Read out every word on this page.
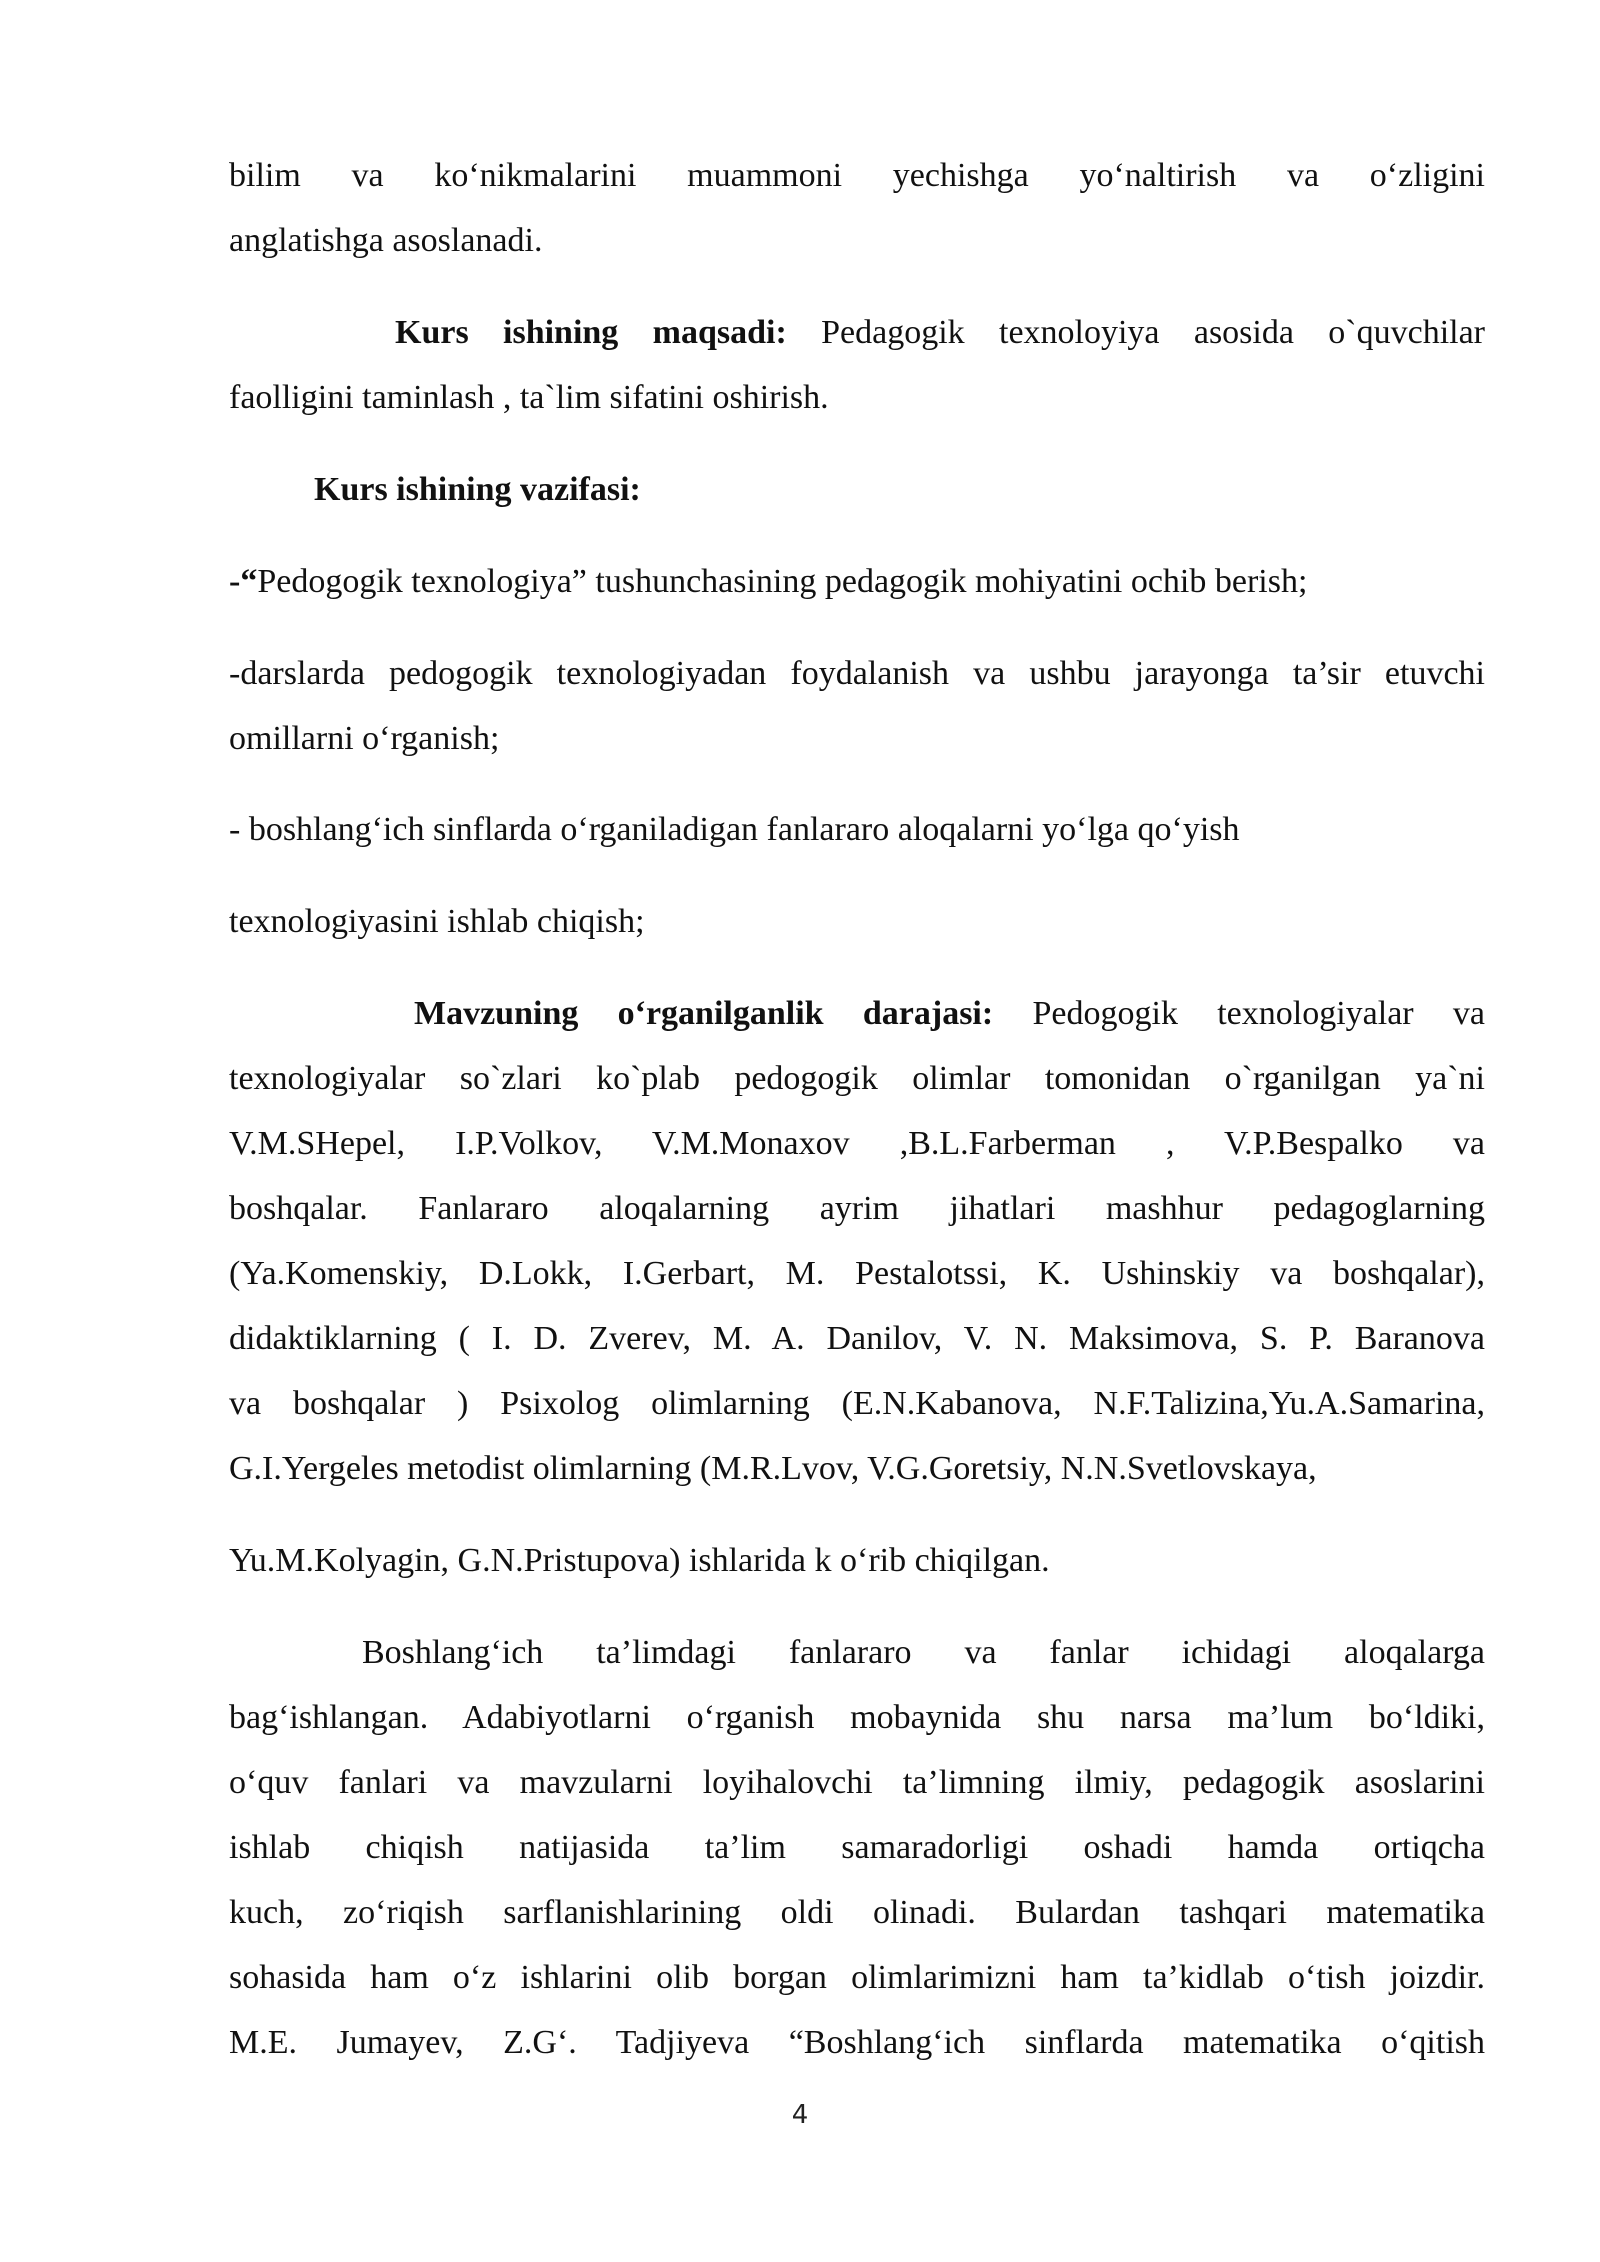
bilim va ko‘nikmalarini muammoni yechishga yo‘naltirish va o‘zligini
anglatishga asoslanadi.
Kurs ishining maqsadi: Pedagogik texnoloyiya asosida o`quvchilar
faolligini taminlash , ta`lim sifatini oshirish.
Kurs ishining vazifasi:
-“Pedogogik texnologiya” tushunchasining pedagogik mohiyatini ochib berish;
-darslarda pedogogik texnologiyadan foydalanish va ushbu jarayonga ta’sir etuvchi
omillarni o‘rganish;
- boshlang‘ich sinflarda o‘rganiladigan fanlararo aloqalarni yo‘lga qo‘yish
texnologiyasini ishlab chiqish;
Mavzuning o‘rganilganlik darajasi: Pedogogik texnologiyalar va
texnologiyalar so`zlari ko`plab pedogogik olimlar tomonidan o`rganilgan ya`ni
V.M.SHepel, I.P.Volkov, V.M.Monaxov ,B.L.Farberman , V.P.Bespalko va
boshqalar. Fanlararo aloqalarning ayrim jihatlari mashhur pedagoglarning
(Ya.Komenskiy, D.Lokk, I.Gerbart, M. Pestalotssi, K. Ushinskiy va boshqalar),
didaktiklarning ( I. D. Zverev, M. A. Danilov, V. N. Maksimova, S. P. Baranova
va boshqalar ) Psixolog olimlarning (E.N.Kabanova, N.F.Talizina,Yu.A.Samarina,
G.I.Yergeles metodist olimlarning (M.R.Lvov, V.G.Goretsiy, N.N.Svetlovskaya,
Yu.M.Kolyagin, G.N.Pristupova) ishlarida k o‘rib chiqilgan.
Boshlang‘ich ta’limdagi fanlararo va fanlar ichidagi aloqalarga
bag‘ishlangan. Adabiyotlarni o‘rganish mobaynida shu narsa ma’lum bo‘ldiki,
o‘quv fanlari va mavzularni loyihalovchi ta’limning ilmiy, pedagogik asoslarini
ishlab chiqish natijasida ta’lim samaradorligi oshadi hamda ortiqcha
kuch, zo‘riqish sarflanishlarining oldi olinadi. Bulardan tashqari matematika
sohasida ham o‘z ishlarini olib borgan olimlarimizni ham ta’kidlab o‘tish joizdir.
M.E. Jumayev, Z.G‘. Tadjiyeva “Boshlang‘ich sinflarda matematika o‘qitish
4
